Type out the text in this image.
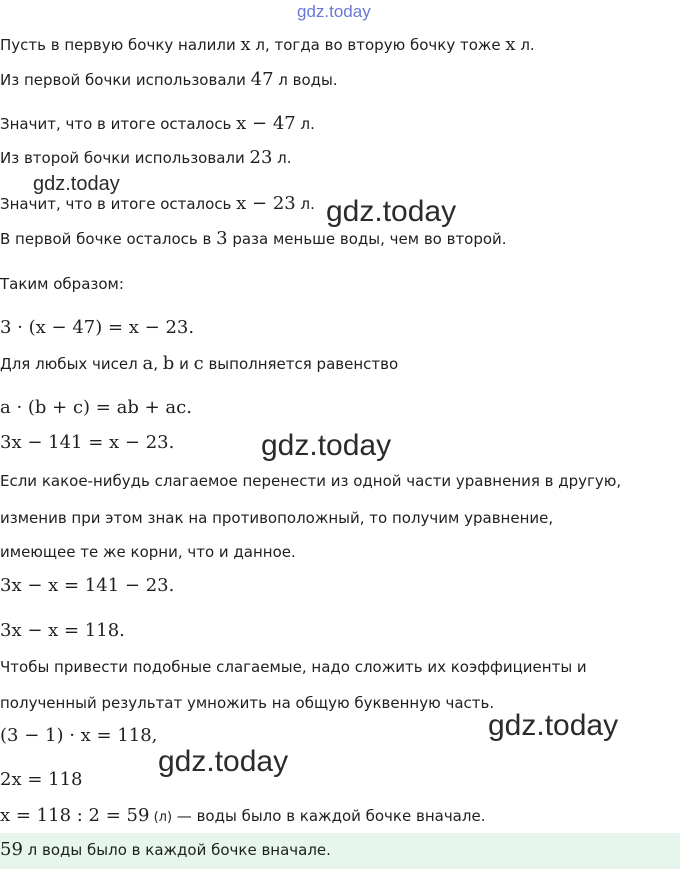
gdz.today
Пусть в первую бочку налили x л, тогда во вторую бочку тоже x л.
Из первой бочки использовали 47 л воды.
Значит, что в итоге осталось x − 47 л.
Из второй бочки использовали 23 л.
gdz.today
Значит, что в итоге осталось x − 23 л. gdz.today
В первой бочке осталось в 3 раза меньше воды, чем во второй.
Таким образом:
3 · (x − 47) = x − 23.
Для любых чисел a, b и c выполняется равенство
a · (b + c) = ab + ac.
3x − 141 = x − 23.	gdz.today
Если какое-нибудь слагаемое перенести из одной части уравнения в другую,
изменив при этом знак на противоположный, то получим уравнение,
имеющее те же корни, что и данное.
3x − x = 141 − 23.
3x − x = 118.
Чтобы привести подобные слагаемые, надо сложить их коэффициенты и
полученный результат умножить на общую буквенную часть.
(3 − 1) · x = 118,	gdz.today
gdz.today
2x = 118
x = 118 : 2 = 59 (л) — воды было в каждой бочке вначале.
59 л воды было в каждой бочке вначале.
